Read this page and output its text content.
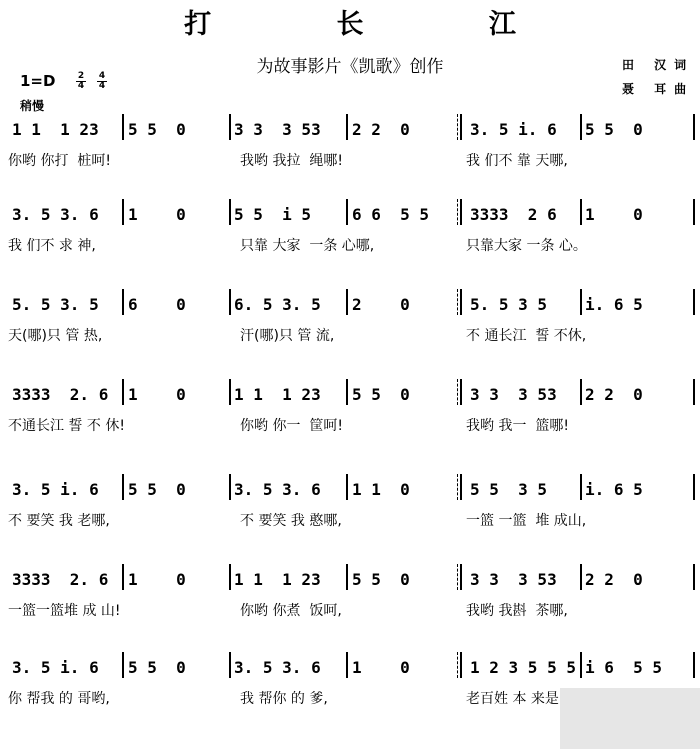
打 长 江
为故事影片《凯歌》创作	田 汉词
聂 耳曲
$1=D \frac{2}{4} \frac{4}{4}$
稍慢
1 1  1 23 5 5  0	3 3  3 53 2 2  0	3. 5 i. 6 5 5  0
你哟 你打  桩呵!	我哟 我拉  绳哪!	我 们不 靠 天哪,
3. 5 3. 6 1    0	5 5  i 5	6 6  5 5	3333  2 6 1    0
我 们不 求 神,	只靠 大家  一条 心哪,	只靠大家 一条 心。
5. 5 3. 5 6    0	6. 5 3. 5 2    0	5. 5 3 5 i. 6 5
天(哪)只 管 热,	汗(哪)只 管 流,	不 通长江  誓 不休,
3333  2. 6 1    0	1 1  1 23 5 5  0	3 3  3 53 2 2  0
不通长江 誓 不 休!	你哟 你一  筐呵!	我哟 我一  篮哪!
3. 5 i. 6 5 5  0	3. 5 3. 6 1 1  0	5 5  3 5 i. 6 5
不 要笑 我 老哪,	不 要笑 我 憨哪,	一篮 一篮  堆 成山,
3333  2. 6 1    0	1 1  1 23 5 5  0	3 3  3 53 2 2  0
一篮一篮堆 成 山!	你哟 你煮  饭呵,	我哟 我斟  茶哪,
3. 5 i. 6 5 5  0	3. 5 3. 6 1    0	1 2 3 5 5 5 i 6  5 5
你 帮我 的 哥哟,	我 帮你 的 爹,	老百姓 本 来是
